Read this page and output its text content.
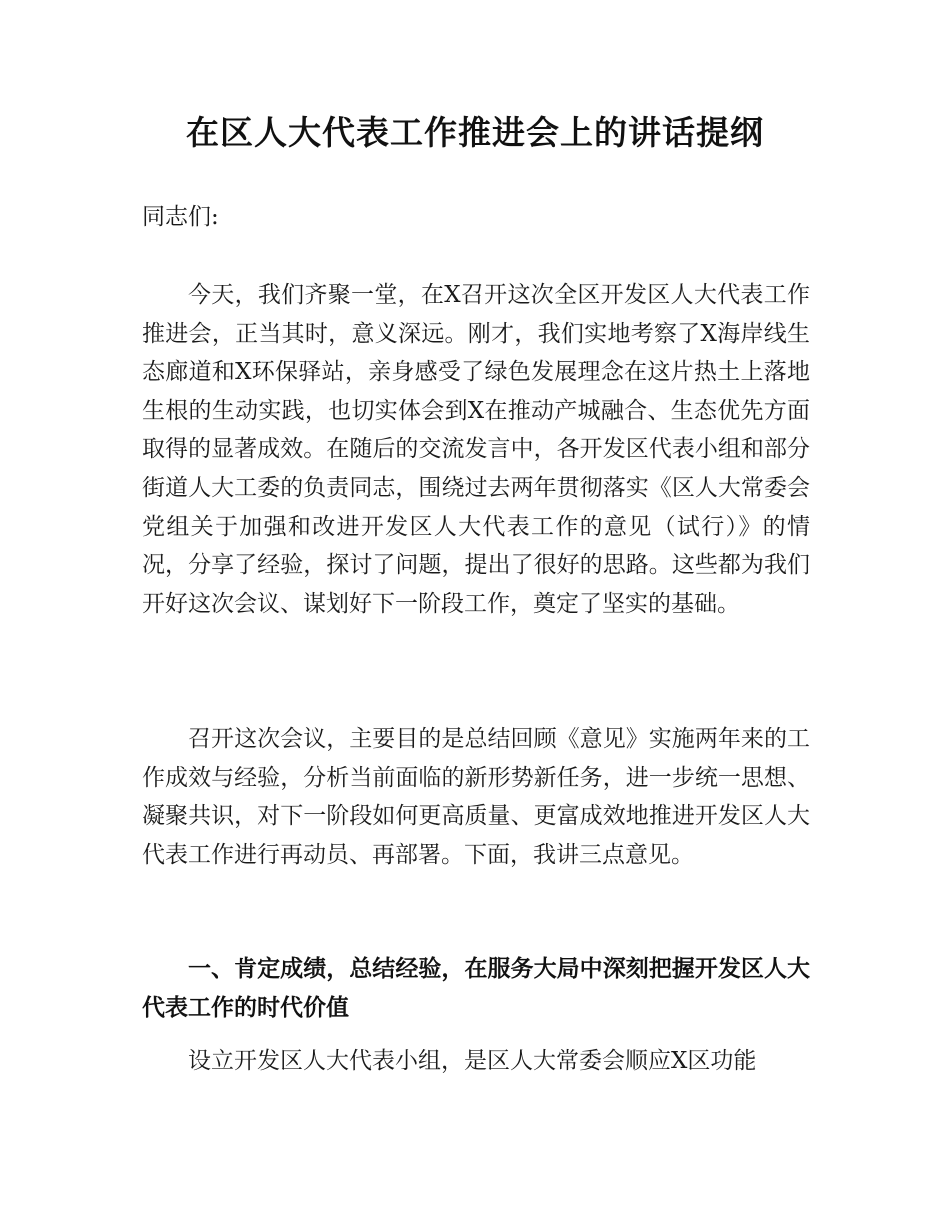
在区人大代表工作推进会上的讲话提纲

同志们:

今天，我们齐聚一堂，在X召开这次全区开发区人大代表工作推进会，正当其时，意义深远。刚才，我们实地考察了X海岸线生态廊道和X环保驿站，亲身感受了绿色发展理念在这片热土上落地生根的生动实践，也切实体会到X在推动产城融合、生态优先方面取得的显著成效。在随后的交流发言中，各开发区代表小组和部分街道人大工委的负责同志，围绕过去两年贯彻落实《区人大常委会党组关于加强和改进开发区人大代表工作的意见（试行）》的情况，分享了经验，探讨了问题，提出了很好的思路。这些都为我们开好这次会议、谋划好下一阶段工作，奠定了坚实的基础。

召开这次会议，主要目的是总结回顾《意见》实施两年来的工作成效与经验，分析当前面临的新形势新任务，进一步统一思想、凝聚共识，对下一阶段如何更高质量、更富成效地推进开发区人大代表工作进行再动员、再部署。下面，我讲三点意见。

一、肯定成绩，总结经验，在服务大局中深刻把握开发区人大代表工作的时代价值

设立开发区人大代表小组，是区人大常委会顺应X区功能
